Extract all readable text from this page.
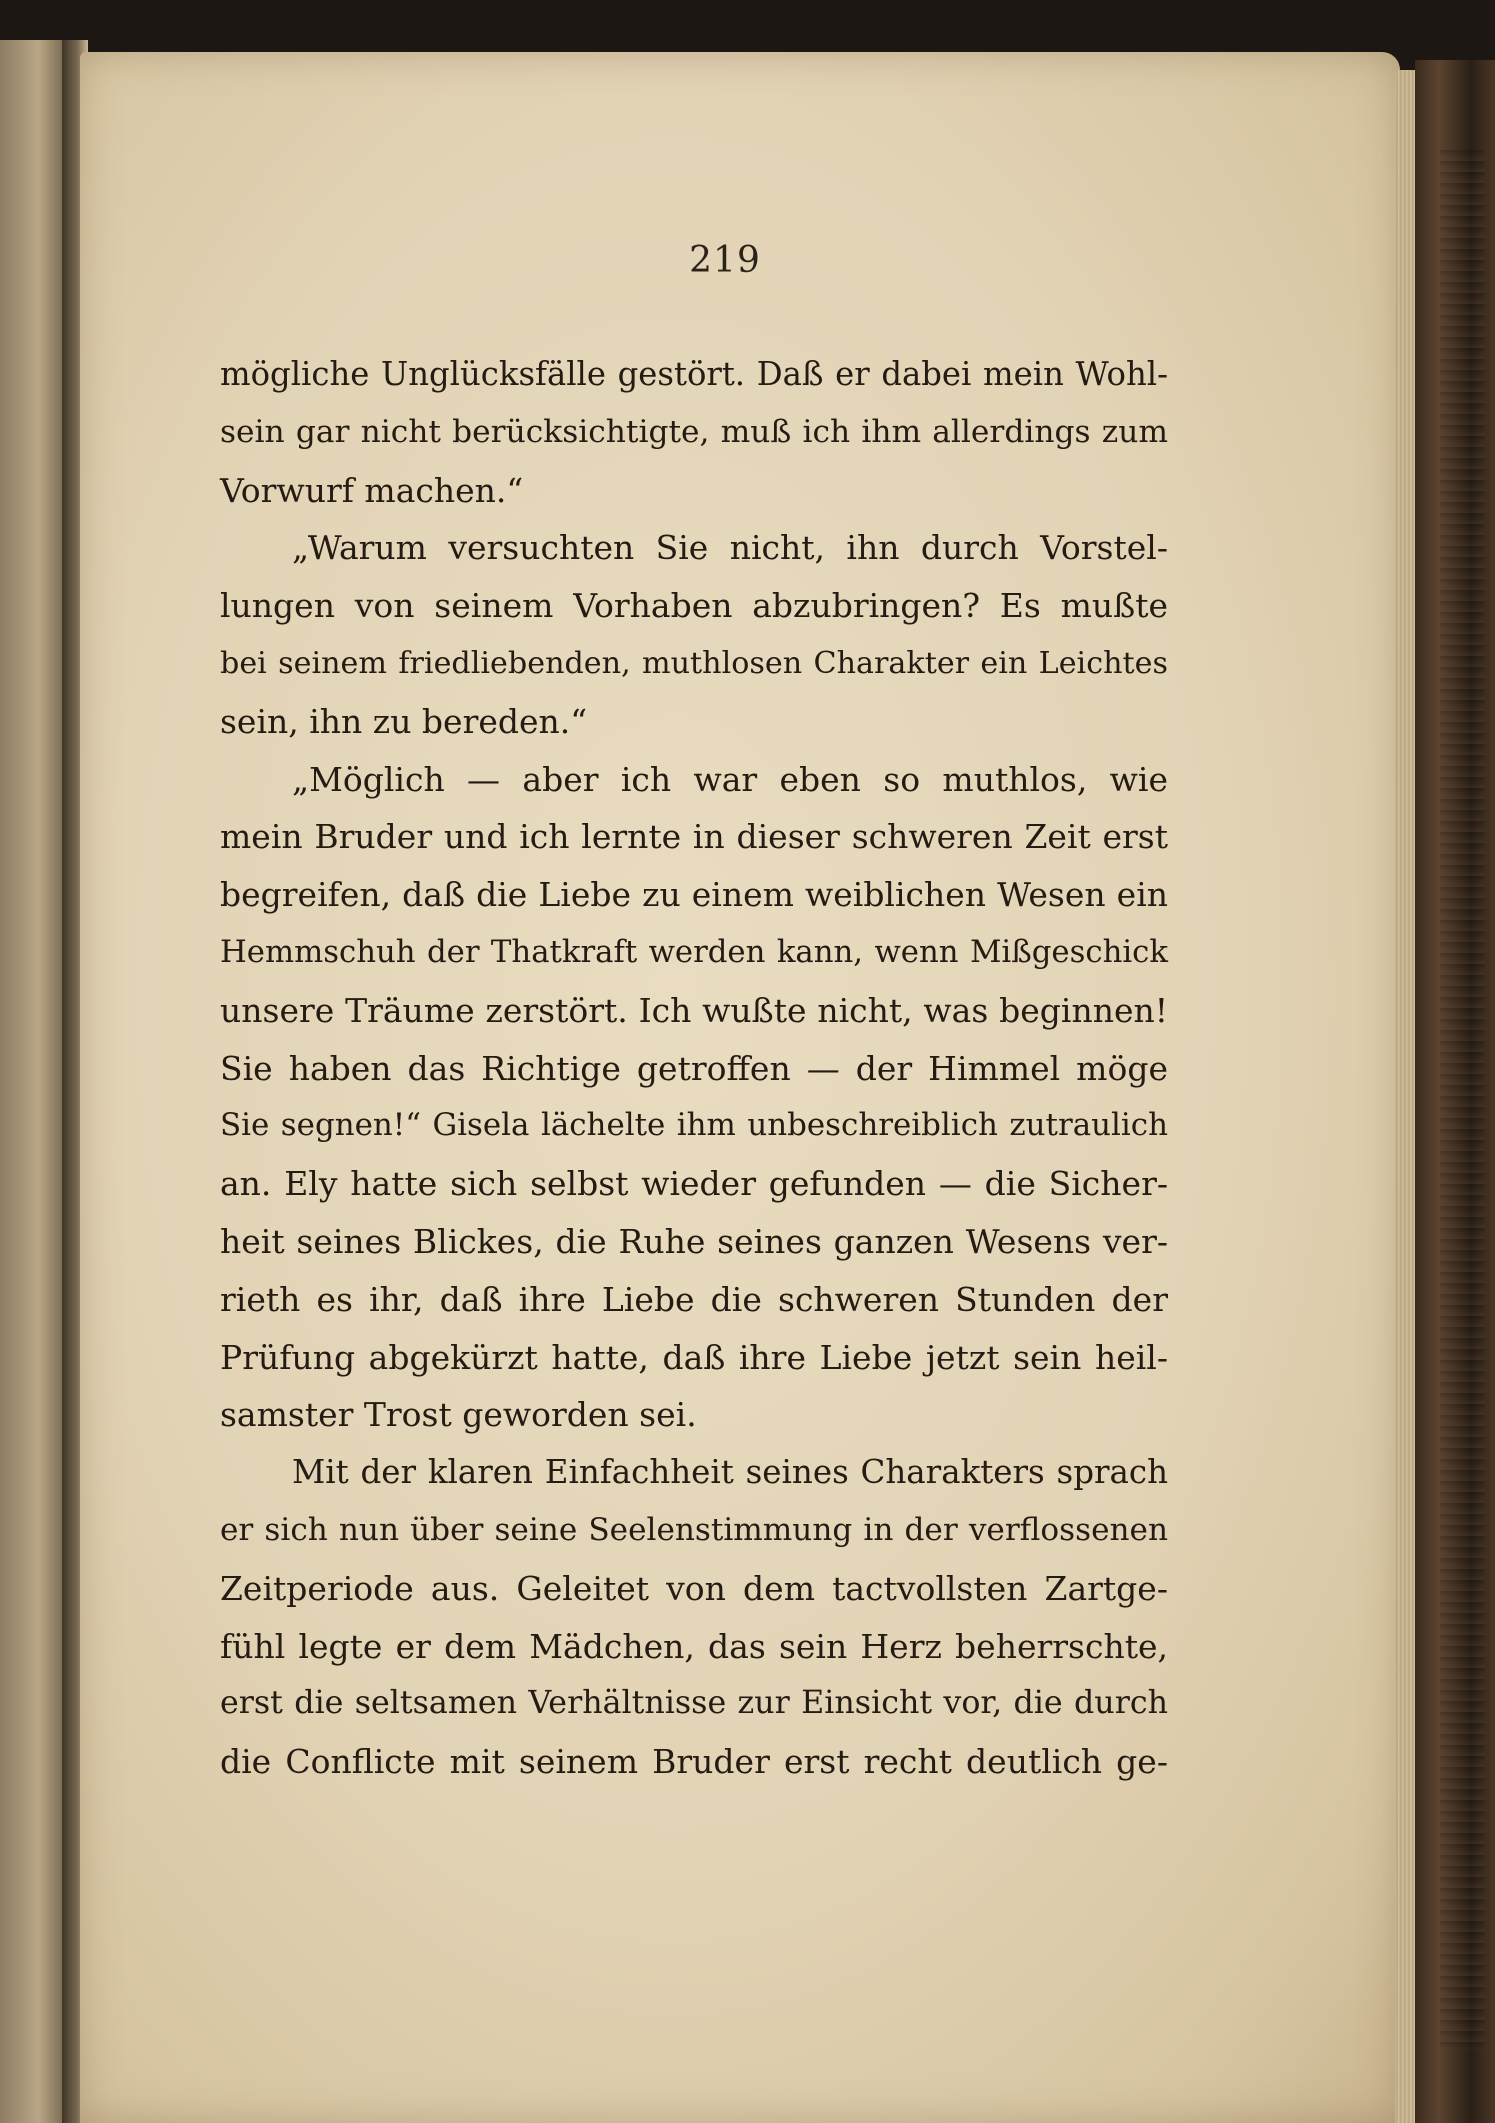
219

mögliche Unglücksfälle gestört. Daß er dabei mein Wohl-
sein gar nicht berücksichtigte, muß ich ihm allerdings zum
Vorwurf machen.“

„Warum versuchten Sie nicht, ihn durch Vorstel-
lungen von seinem Vorhaben abzubringen? Es mußte
bei seinem friedliebenden, muthlosen Charakter ein Leichtes
sein, ihn zu bereden.“

„Möglich — aber ich war eben so muthlos, wie
mein Bruder und ich lernte in dieser schweren Zeit erst
begreifen, daß die Liebe zu einem weiblichen Wesen ein
Hemmschuh der Thatkraft werden kann, wenn Mißgeschick
unsere Träume zerstört. Ich wußte nicht, was beginnen!
Sie haben das Richtige getroffen — der Himmel möge
Sie segnen!“ Gisela lächelte ihm unbeschreiblich zutraulich
an. Ely hatte sich selbst wieder gefunden — die Sicher-
heit seines Blickes, die Ruhe seines ganzen Wesens ver-
rieth es ihr, daß ihre Liebe die schweren Stunden der
Prüfung abgekürzt hatte, daß ihre Liebe jetzt sein heil-
samster Trost geworden sei.

Mit der klaren Einfachheit seines Charakters sprach
er sich nun über seine Seelenstimmung in der verflossenen
Zeitperiode aus. Geleitet von dem tactvollsten Zartge-
fühl legte er dem Mädchen, das sein Herz beherrschte,
erst die seltsamen Verhältnisse zur Einsicht vor, die durch
die Conflicte mit seinem Bruder erst recht deutlich ge-
